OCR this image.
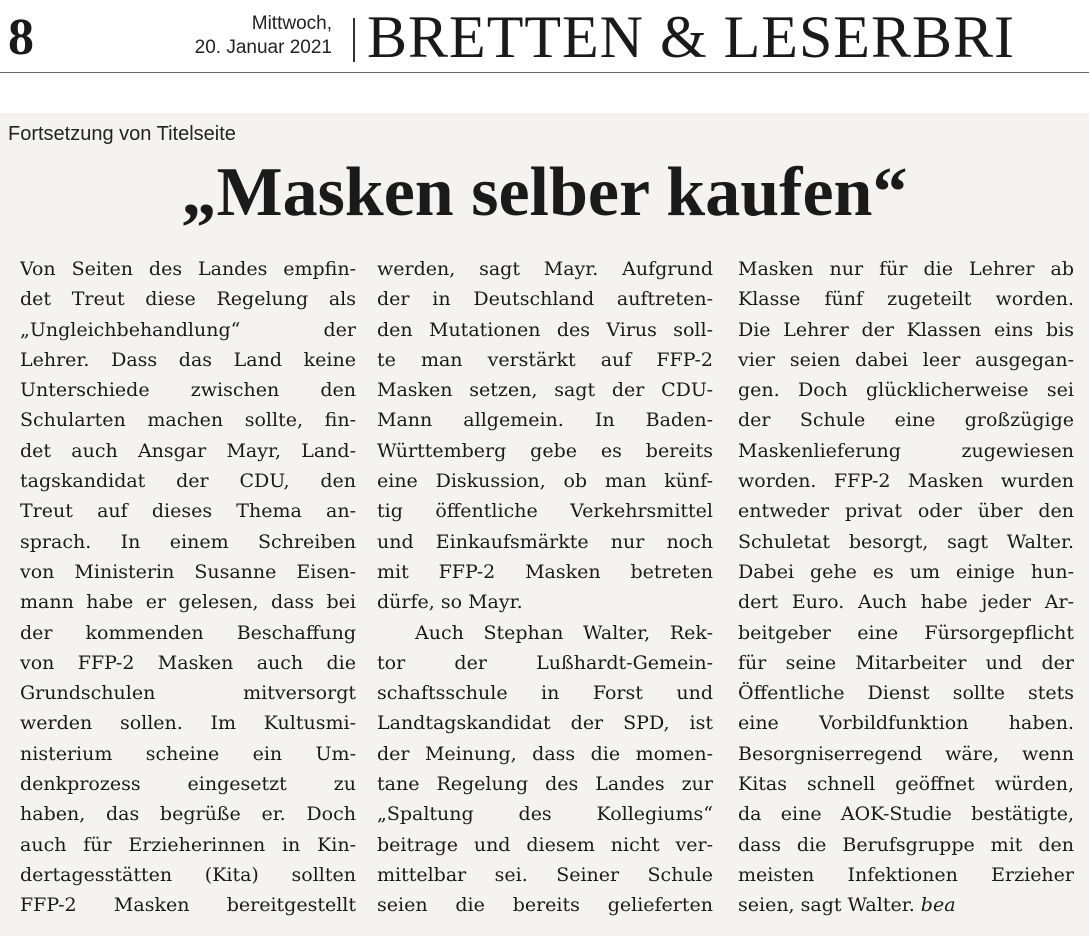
8	Mittwoch,
20. Januar 2021 BRETTEN & LESERBRI
Fortsetzung von Titelseite
„Masken selber kaufen“
Von Seiten des Landes empfin-
det Treut diese Regelung als
„Ungleichbehandlung“ der
Lehrer. Dass das Land keine
Unterschiede zwischen den
Schularten machen sollte, fin-
det auch Ansgar Mayr, Land-
tagskandidat der CDU, den
Treut auf dieses Thema an-
sprach. In einem Schreiben
von Ministerin Susanne Eisen-
mann habe er gelesen, dass bei
der kommenden Beschaffung
von FFP-2 Masken auch die
Grundschulen mitversorgt
werden sollen. Im Kultusmi-
nisterium scheine ein Um-
denkprozess eingesetzt zu
haben, das begrüße er. Doch
auch für Erzieherinnen in Kin-
dertagesstätten (Kita) sollten
FFP-2 Masken bereitgestellt
werden, sagt Mayr. Aufgrund
der in Deutschland auftreten-
den Mutationen des Virus soll-
te man verstärkt auf FFP-2
Masken setzen, sagt der CDU-
Mann allgemein. In Baden-
Württemberg gebe es bereits
eine Diskussion, ob man künf-
tig öffentliche Verkehrsmittel
und Einkaufsmärkte nur noch
mit FFP-2 Masken betreten
dürfe, so Mayr.
Auch Stephan Walter, Rek-
tor der Lußhardt-Gemein-
schaftsschule in Forst und
Landtagskandidat der SPD, ist
der Meinung, dass die momen-
tane Regelung des Landes zur
„Spaltung des Kollegiums“
beitrage und diesem nicht ver-
mittelbar sei. Seiner Schule
seien die bereits gelieferten
Masken nur für die Lehrer ab
Klasse fünf zugeteilt worden.
Die Lehrer der Klassen eins bis
vier seien dabei leer ausgegan-
gen. Doch glücklicherweise sei
der Schule eine großzügige
Maskenlieferung zugewiesen
worden. FFP-2 Masken wurden
entweder privat oder über den
Schuletat besorgt, sagt Walter.
Dabei gehe es um einige hun-
dert Euro. Auch habe jeder Ar-
beitgeber eine Fürsorgepflicht
für seine Mitarbeiter und der
Öffentliche Dienst sollte stets
eine Vorbildfunktion haben.
Besorgniserregend wäre, wenn
Kitas schnell geöffnet würden,
da eine AOK-Studie bestätigte,
dass die Berufsgruppe mit den
meisten Infektionen Erzieher
seien, sagt Walter. bea
